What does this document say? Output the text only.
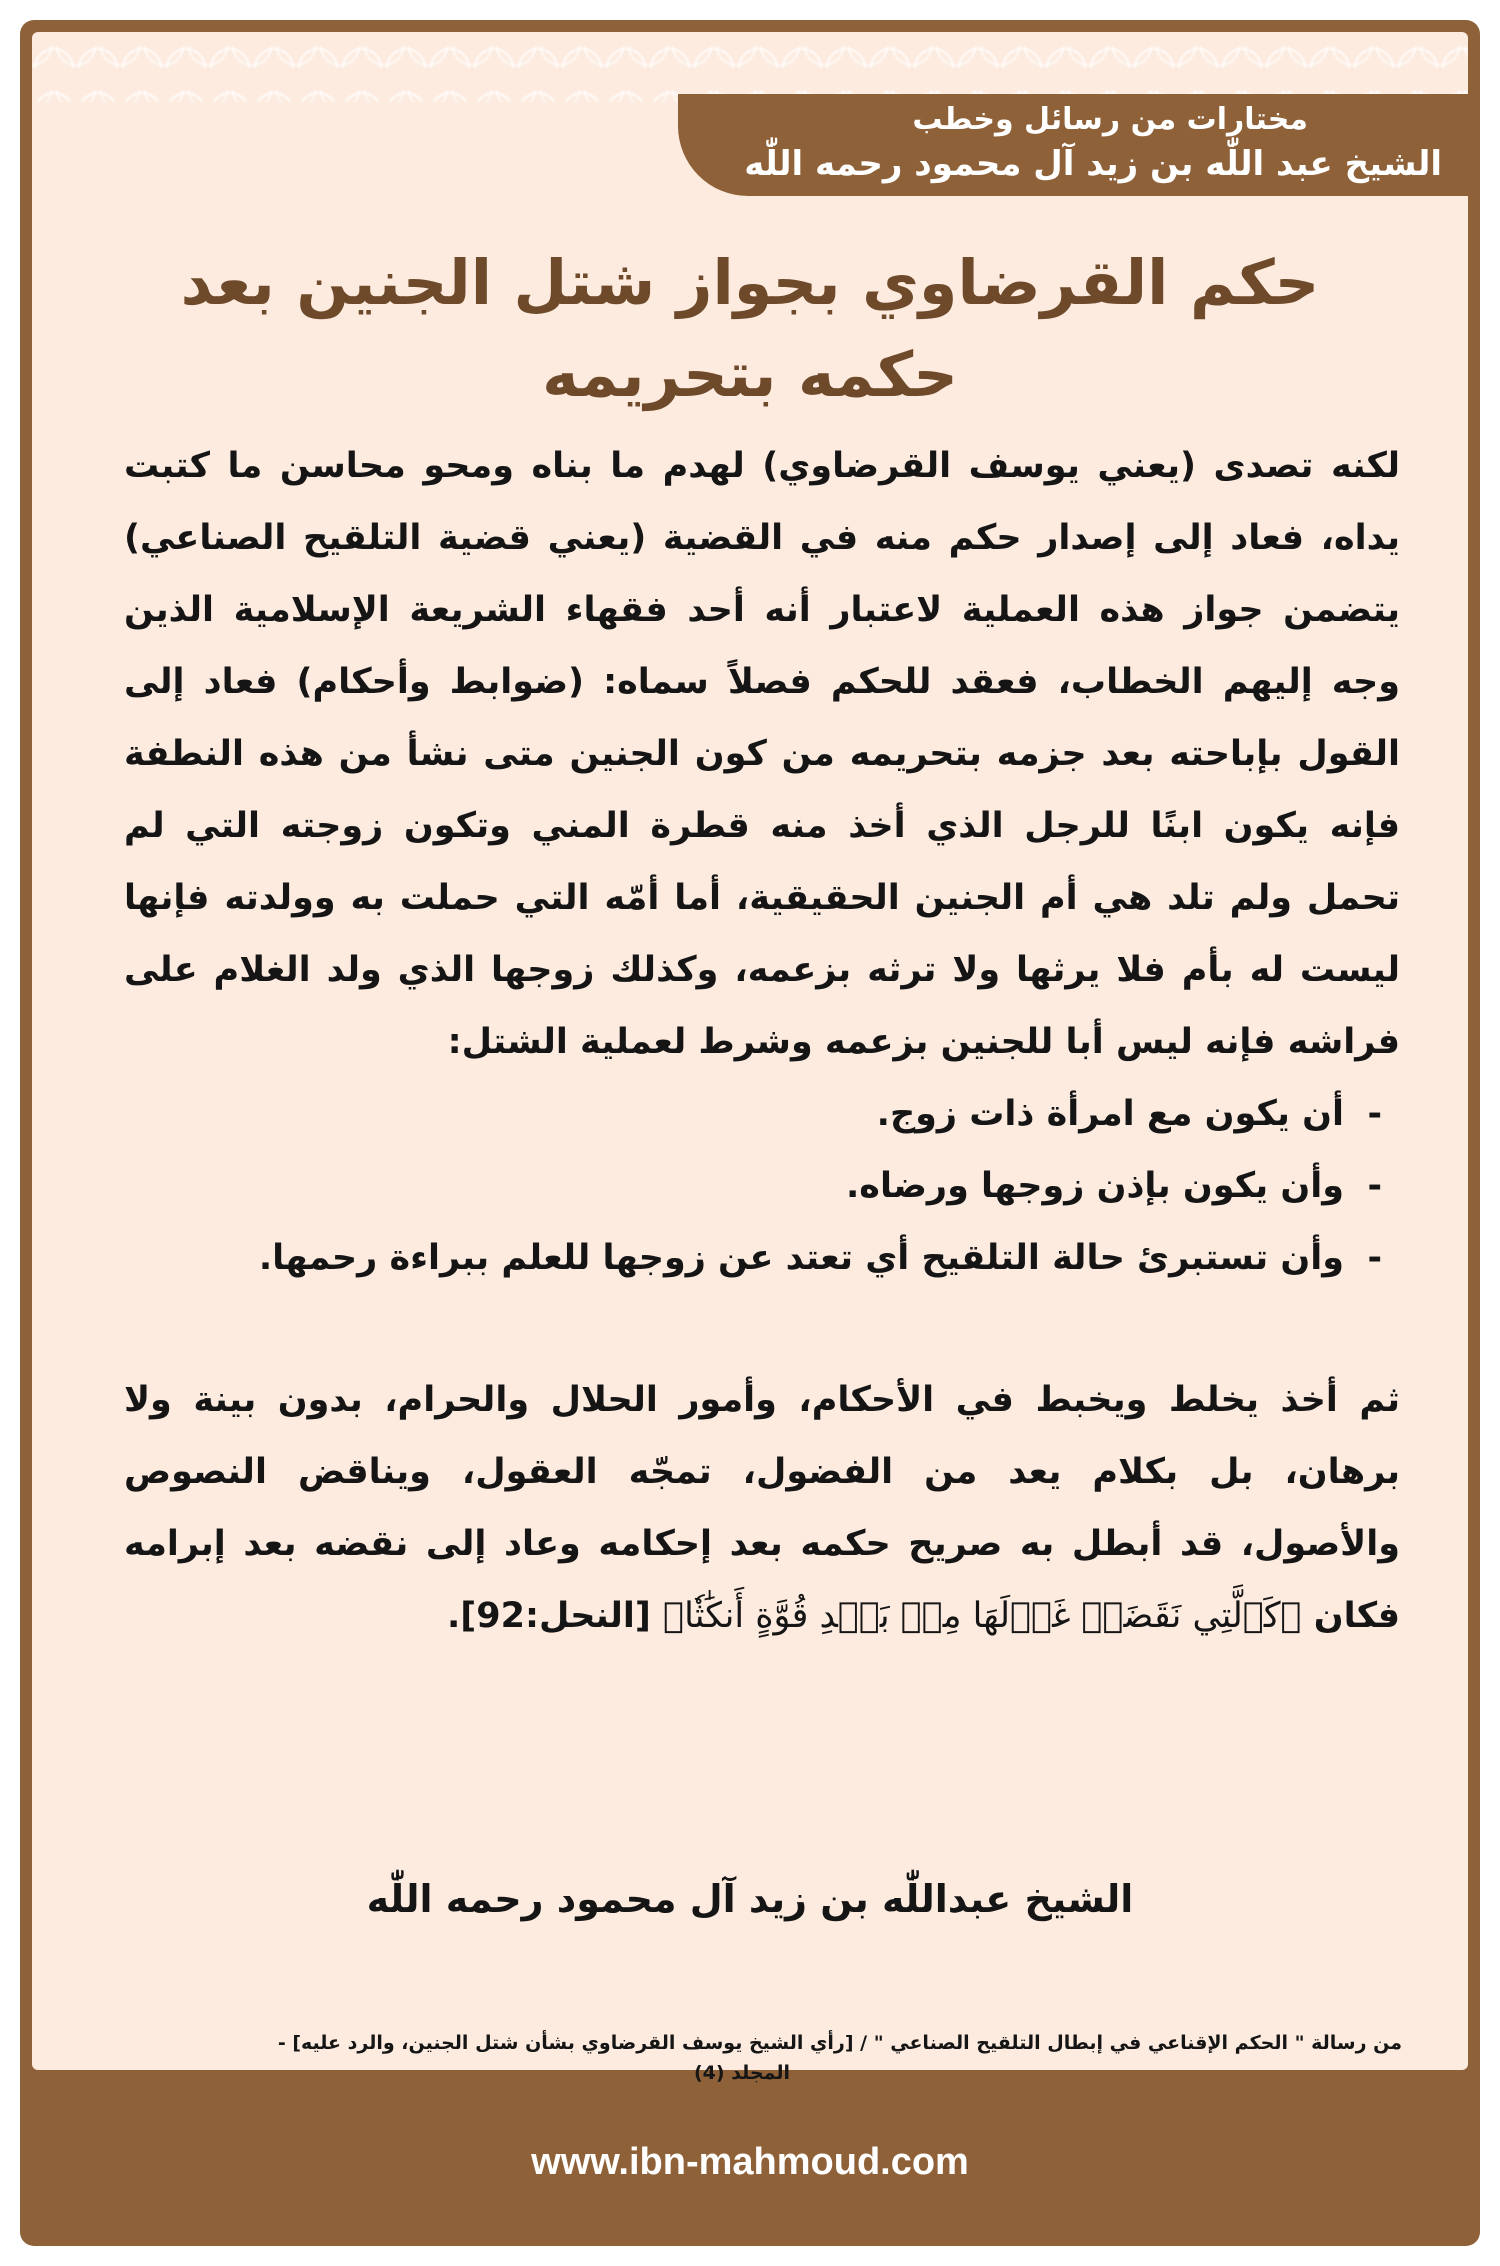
مختارات من رسائل وخطب
الشيخ عبد اللّٰه بن زيد آل محمود رحمه اللّٰه
حكم القرضاوي بجواز شتل الجنين بعد
حكمه بتحريمه

لكنه تصدى (يعني يوسف القرضاوي) لهدم ما بناه ومحو محاسن ما كتبت يداه، فعاد إلى إصدار حكم منه في القضية (يعني قضية التلقيح الصناعي) يتضمن جواز هذه العملية لاعتبار أنه أحد فقهاء الشريعة الإسلامية الذين وجه إليهم الخطاب، فعقد للحكم فصلاً سماه: (ضوابط وأحكام) فعاد إلى القول بإباحته بعد جزمه بتحريمه من كون الجنين متى نشأ من هذه النطفة فإنه يكون ابنًا للرجل الذي أخذ منه قطرة المني وتكون زوجته التي لم تحمل ولم تلد هي أم الجنين الحقيقية، أما أمّه التي حملت به وولدته فإنها ليست له بأم فلا يرثها ولا ترثه بزعمه، وكذلك زوجها الذي ولد الغلام على فراشه فإنه ليس أبا للجنين بزعمه وشرط لعملية الشتل:

-أن يكون مع امرأة ذات زوج.
-وأن يكون بإذن زوجها ورضاه.
-وأن تستبرئ حالة التلقيح أي تعتد عن زوجها للعلم ببراءة رحمها.

ثم أخذ يخلط ويخبط في الأحكام، وأمور الحلال والحرام، بدون بينة ولا برهان، بل بكلام يعد من الفضول، تمجّه العقول، ويناقض النصوص والأصول، قد أبطل به صريح حكمه بعد إحكامه وعاد إلى نقضه بعد إبرامه فكان ﴿كَٱلَّتِي نَقَضَتۡ غَزۡلَهَا مِنۢ بَعۡدِ قُوَّةٍ أَنكَٰثٗا﴾ [النحل:92].

الشيخ عبداللّٰه بن زيد آل محمود رحمه اللّٰه
من رسالة " الحكم الإقناعي في إبطال التلقيح الصناعي " / [رأي الشيخ يوسف القرضاوي بشأن شتل الجنين، والرد عليه] -
المجلد (4)
www.ibn-mahmoud.com
